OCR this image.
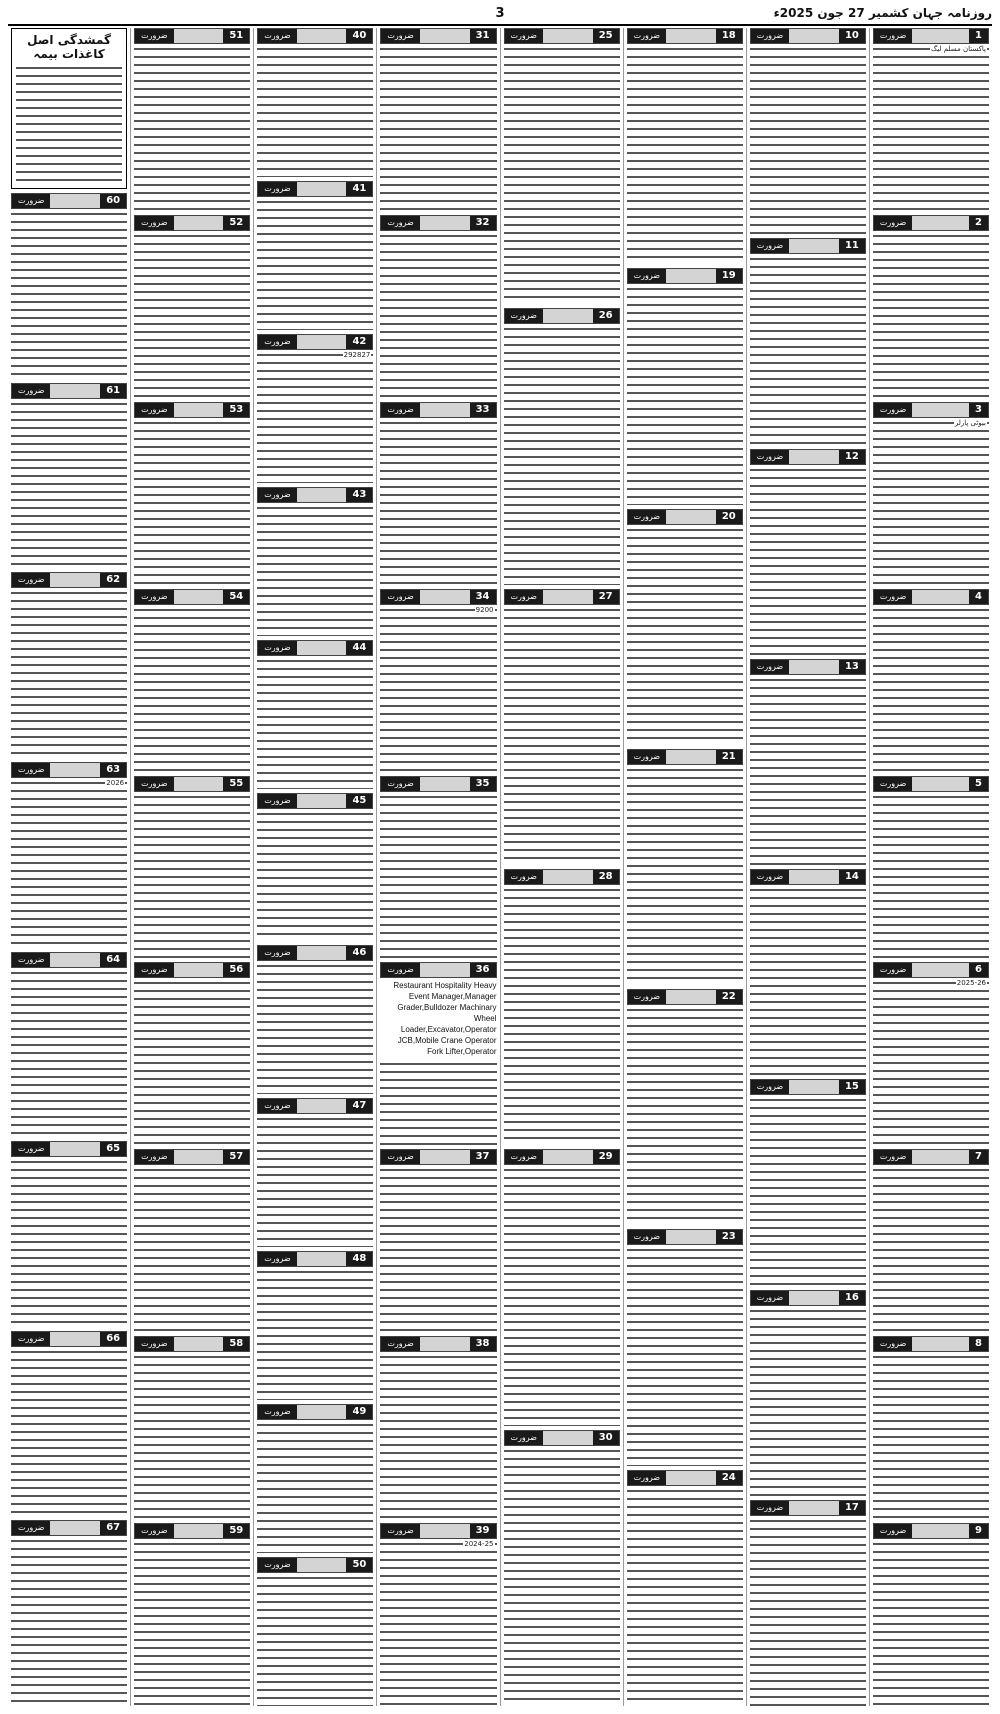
روزنامہ جہان کشمیر 27 جون 2025ء
3
1
ضرورت
پاکستان مسلم لیگ
2
ضرورت
3
ضرورت
بیوٹی پارلر
4
ضرورت
5
ضرورت
6
ضرورت
2025-26
7
ضرورت
8
ضرورت
9
ضرورت
10
ضرورت
11
ضرورت
12
ضرورت
13
ضرورت
14
ضرورت
15
ضرورت
16
ضرورت
17
ضرورت
18
ضرورت
19
ضرورت
20
ضرورت
21
ضرورت
22
ضرورت
23
ضرورت
24
ضرورت
25
ضرورت
26
ضرورت
27
ضرورت
28
ضرورت
29
ضرورت
30
ضرورت
31
ضرورت
32
ضرورت
33
ضرورت
34
ضرورت
9200
35
ضرورت
36
ضرورت
Restaurant Hospitality Heavy Event Manager,Manager Grader,Bulldozer Machinary Wheel Loader,Excavator,Operator JCB,Mobile Crane Operator Fork Lifter,Operator
37
ضرورت
38
ضرورت
39
ضرورت
2024-25
40
ضرورت
41
ضرورت
42
ضرورت
292827
43
ضرورت
44
ضرورت
45
ضرورت
46
ضرورت
47
ضرورت
48
ضرورت
49
ضرورت
50
ضرورت
51
ضرورت
52
ضرورت
53
ضرورت
54
ضرورت
55
ضرورت
56
ضرورت
57
ضرورت
58
ضرورت
59
ضرورت
گمشدگی اصل کاغذات بیمہ
60
ضرورت
61
ضرورت
62
ضرورت
63
ضرورت
2026
64
ضرورت
65
ضرورت
66
ضرورت
67
ضرورت
